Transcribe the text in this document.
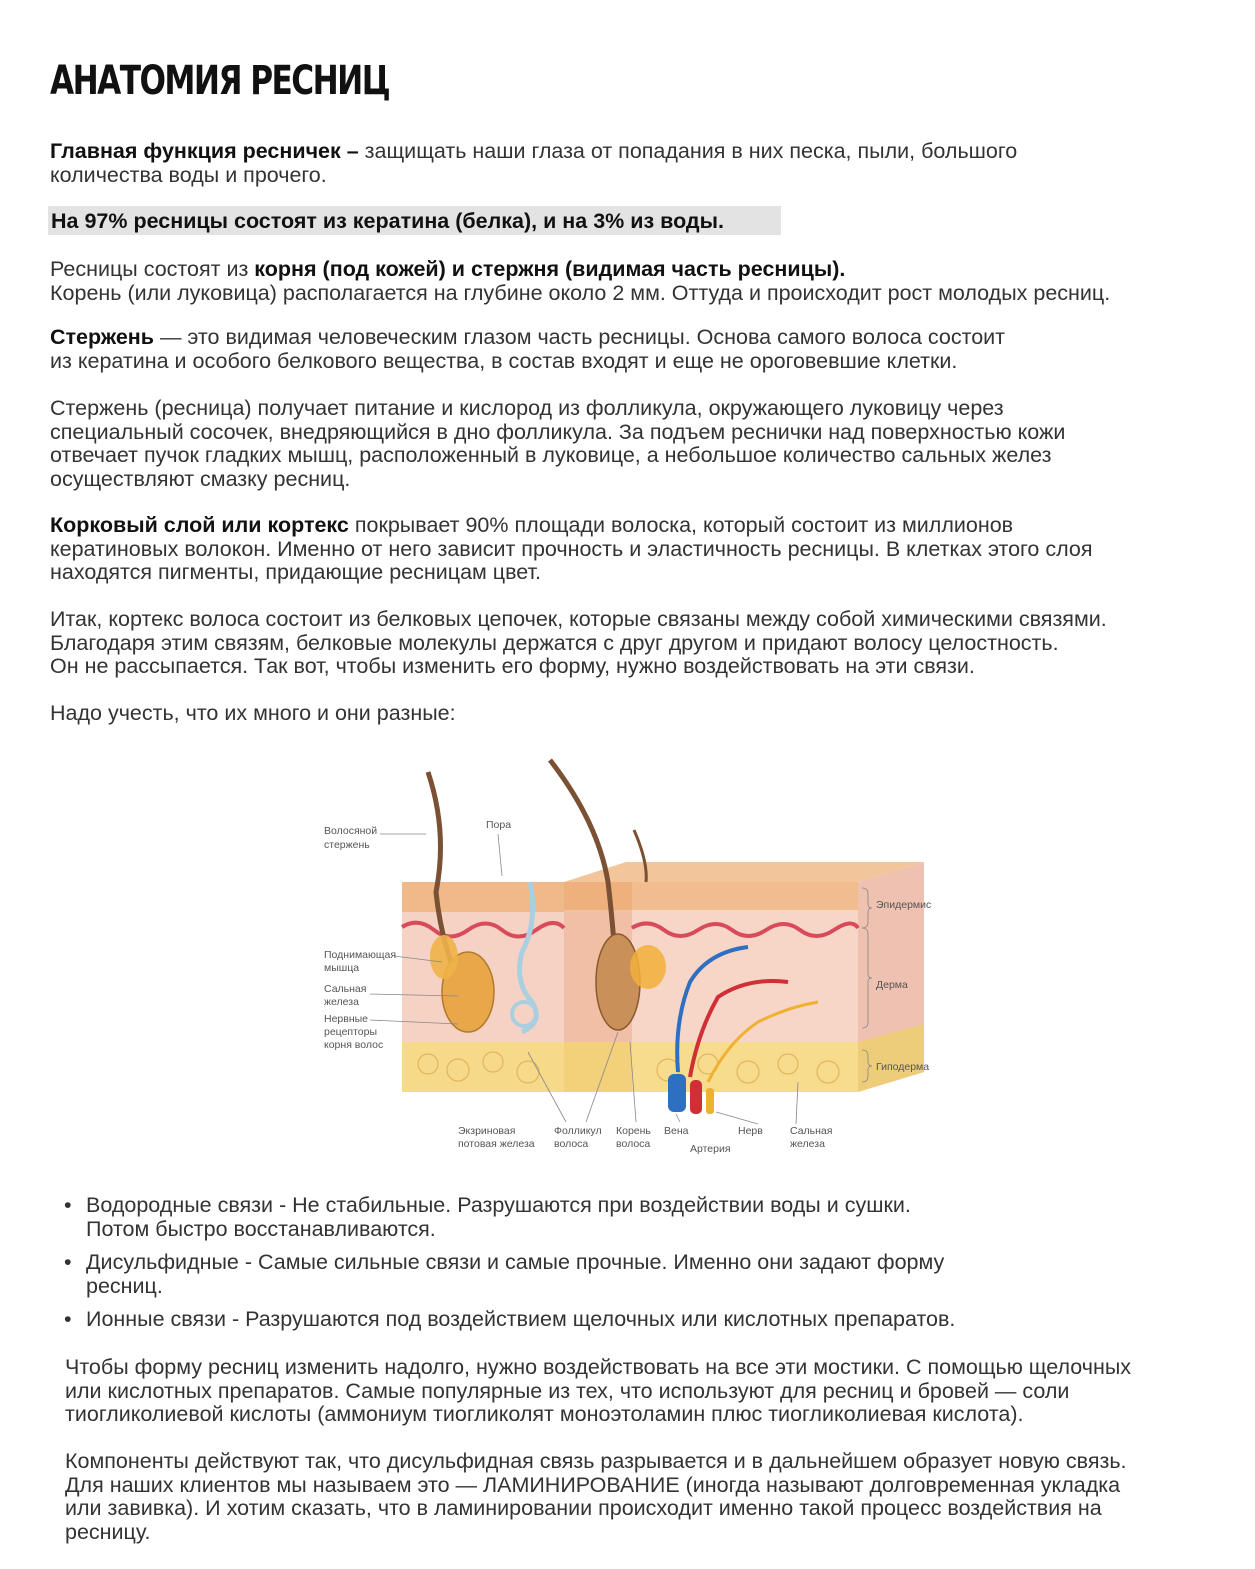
АНАТОМИЯ РЕСНИЦ

Главная функция ресничек – защищать наши глаза от попадания в них песка, пыли, большого
количества воды и прочего.

На 97% ресницы состоят из кератина (белка), и на 3% из воды.

Ресницы состоят из корня (под кожей) и стержня (видимая часть ресницы).
Корень (или луковица) располагается на глубине около 2 мм. Оттуда и происходит рост молодых ресниц.

Стержень — это видимая человеческим глазом часть ресницы. Основа самого волоса состоит
из кератина и особого белкового вещества, в состав входят и еще не ороговевшие клетки.

Стержень (ресница) получает питание и кислород из фолликула, окружающего луковицу через
специальный сосочек, внедряющийся в дно фолликула. За подъем реснички над поверхностью кожи
отвечает пучок гладких мышц, расположенный в луковице, а небольшое количество сальных желез
осуществляют смазку ресниц.

Корковый слой или кортекс покрывает 90% площади волоска, который состоит из миллионов
кератиновых волокон. Именно от него зависит прочность и эластичность ресницы. В клетках этого слоя
находятся пигменты, придающие ресницам цвет.

Итак, кортекс волоса состоит из белковых цепочек, которые связаны между собой химическими связями.
Благодаря этим связям, белковые молекулы держатся с друг другом и придают волосу целостность.
Он не рассыпается. Так вот, чтобы изменить его форму, нужно воздействовать на эти связи.

Надо учесть, что их много и они разные:

Волосяной
стержень
Пора
Эпидермис
Дерма
Гиподерма
Поднимающая
мышца
Сальная
железа
Нервные
рецепторы
корня волос
Экзриновая
потовая железа
Фолликул
волоса
Корень
волоса
Вена
Артерия
Нерв	Сальная
железа
• Водородные связи - Не стабильные. Разрушаются при воздействии воды и сушки.
Потом быстро восстанавливаются.
• Дисульфидные - Самые сильные связи и самые прочные. Именно они задают форму
ресниц.
• Ионные связи - Разрушаются под воздействием щелочных или кислотных препаратов.

Чтобы форму ресниц изменить надолго, нужно воздействовать на все эти мостики. С помощью щелочных
или кислотных препаратов. Самые популярные из тех, что используют для ресниц и бровей — соли
тиогликолиевой кислоты (аммониум тиогликолят моноэтоламин плюс тиогликолиевая кислота).

Компоненты действуют так, что дисульфидная связь разрывается и в дальнейшем образует новую связь.
Для наших клиентов мы называем это — ЛАМИНИРОВАНИЕ (иногда называют долговременная укладка
или завивка). И хотим сказать, что в ламинировании происходит именно такой процесс воздействия на
ресницу.
